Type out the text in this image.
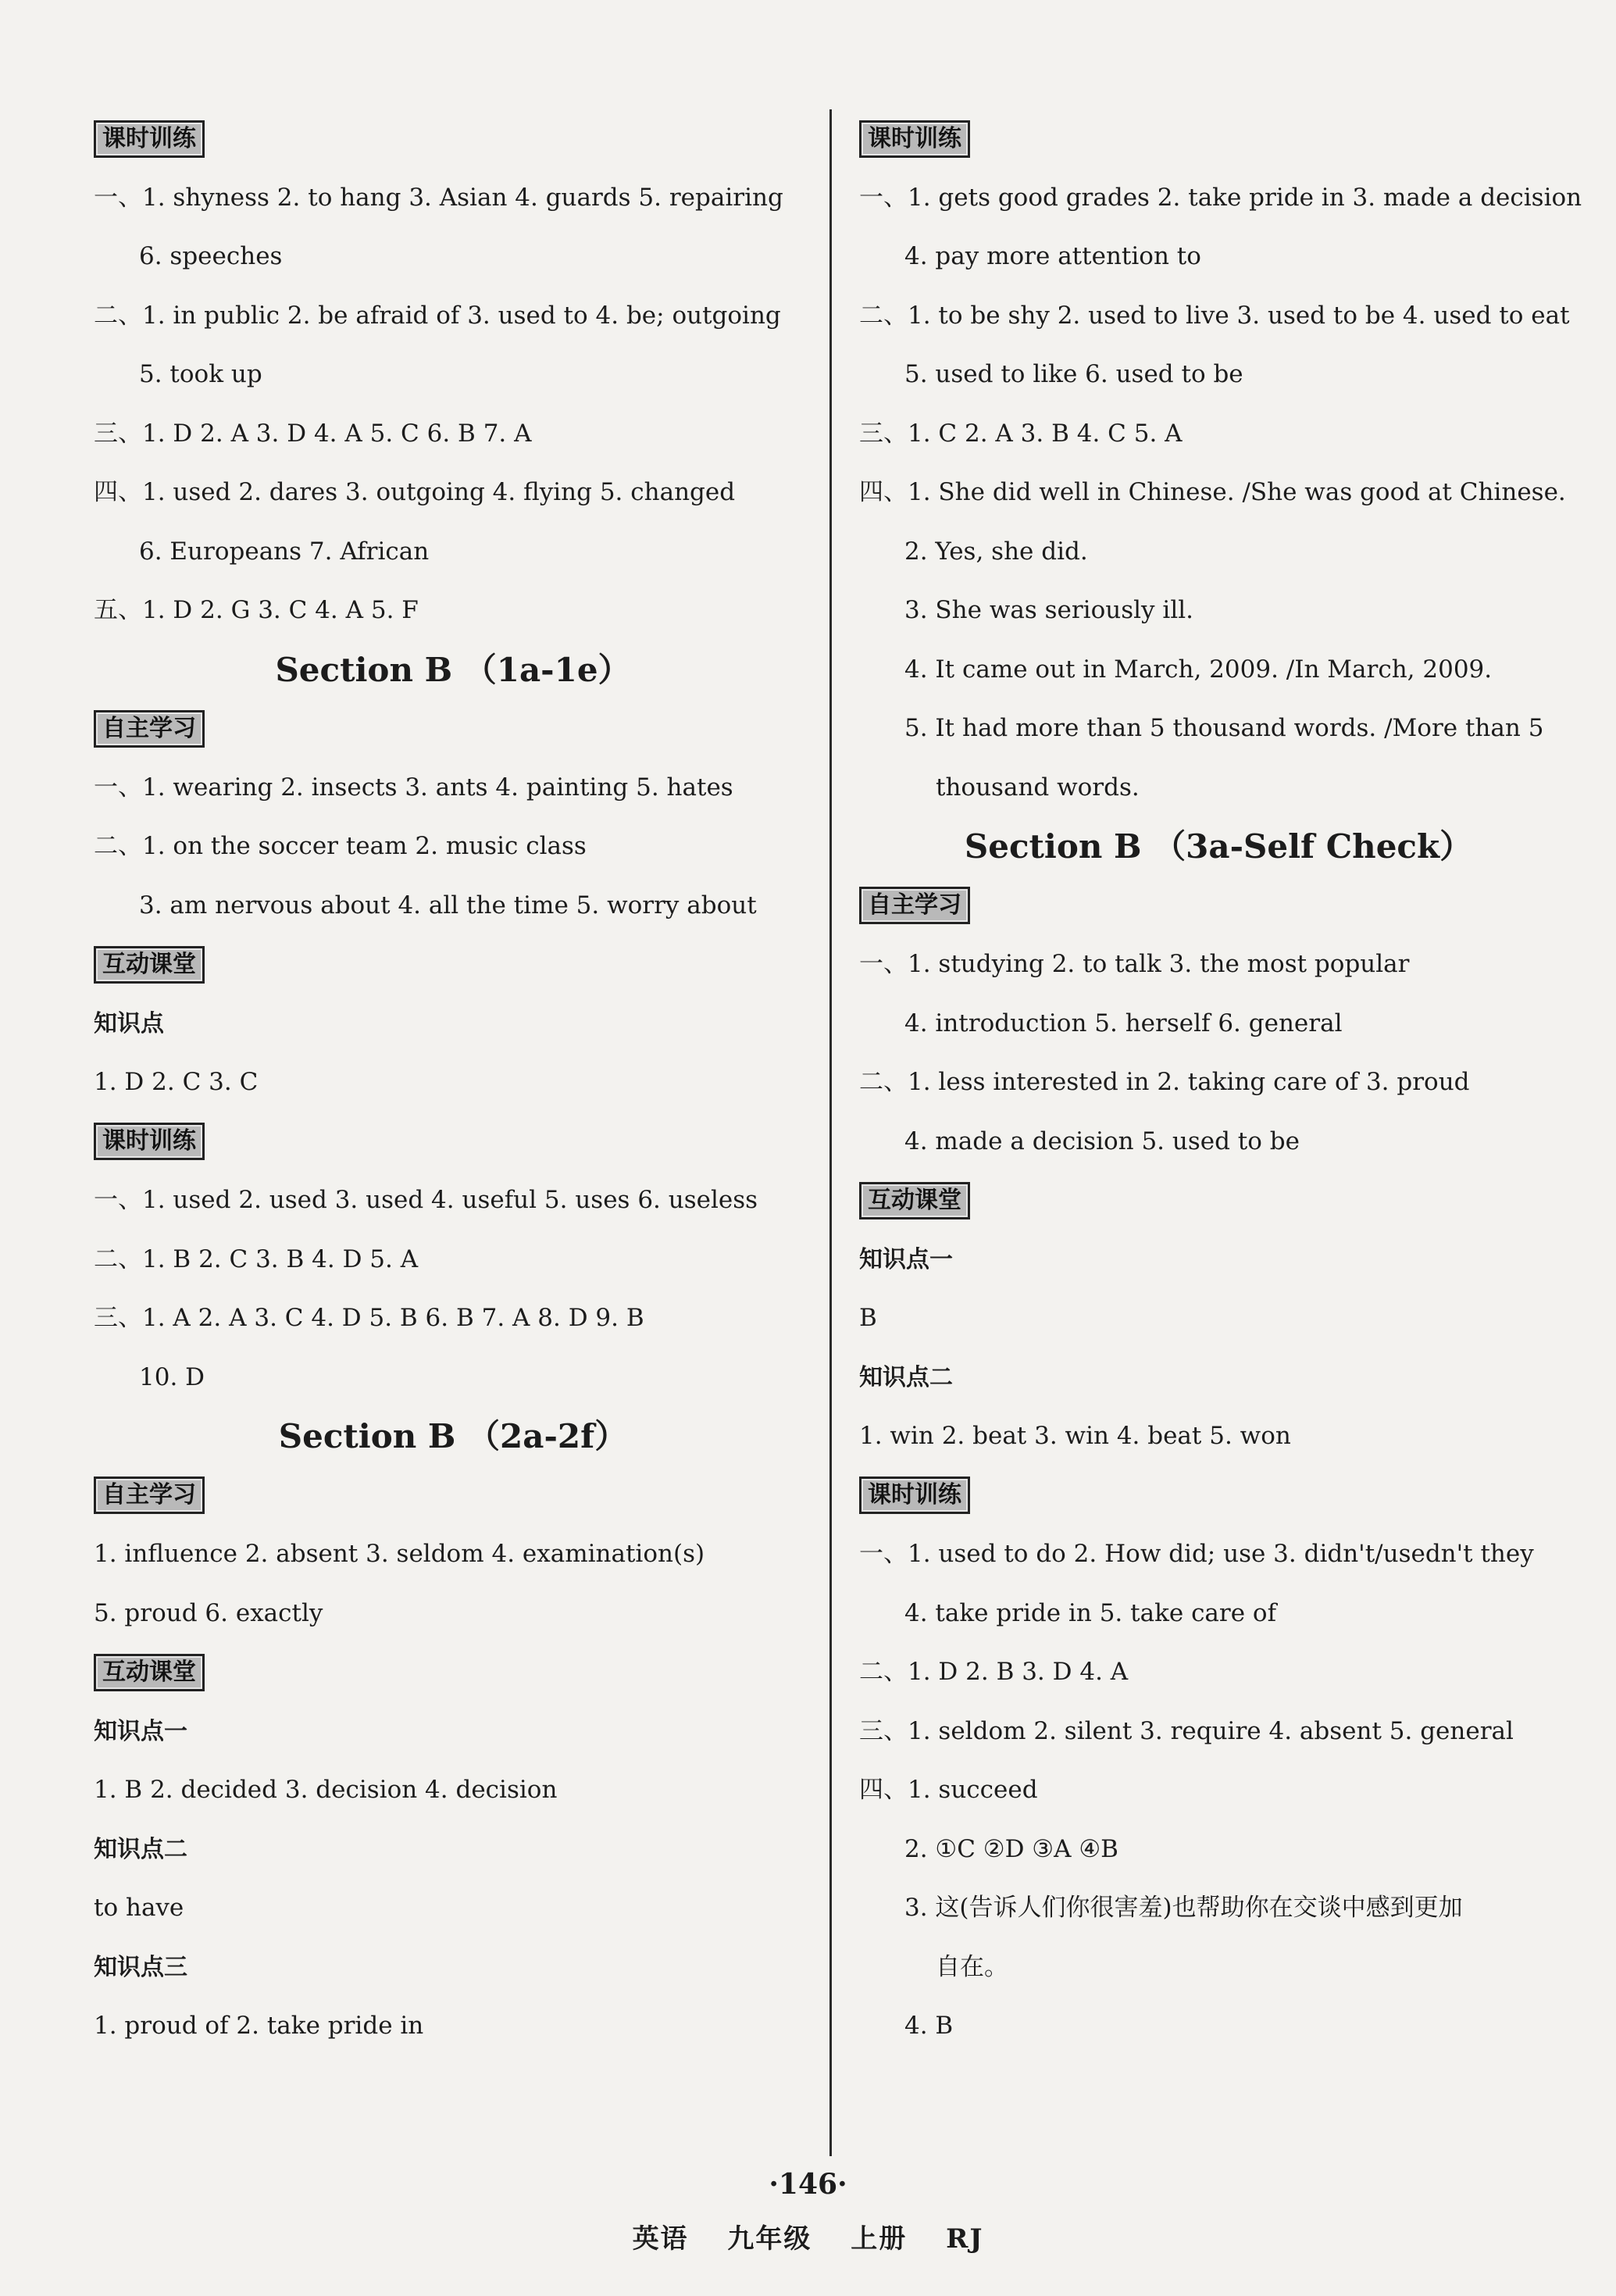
课时训练
一、1. shyness 2. to hang 3. Asian 4. guards 5. repairing
6. speeches
二、1. in public 2. be afraid of 3. used to 4. be; outgoing
5. took up
三、1. D 2. A 3. D 4. A 5. C 6. B 7. A
四、1. used 2. dares 3. outgoing 4. flying 5. changed
6. Europeans 7. African
五、1. D 2. G 3. C 4. A 5. F
Section B （1a-1e）
自主学习
一、1. wearing 2. insects 3. ants 4. painting 5. hates
二、1. on the soccer team 2. music class
3. am nervous about 4. all the time 5. worry about
互动课堂
知识点
1. D 2. C 3. C
课时训练
一、1. used 2. used 3. used 4. useful 5. uses 6. useless
二、1. B 2. C 3. B 4. D 5. A
三、1. A 2. A 3. C 4. D 5. B 6. B 7. A 8. D 9. B
10. D
Section B （2a-2f）
自主学习
1. influence 2. absent 3. seldom 4. examination(s)
5. proud 6. exactly
互动课堂
知识点一
1. B 2. decided 3. decision 4. decision
知识点二
to have
知识点三
1. proud of 2. take pride in
课时训练
一、1. gets good grades 2. take pride in 3. made a decision
4. pay more attention to
二、1. to be shy 2. used to live 3. used to be 4. used to eat
5. used to like 6. used to be
三、1. C 2. A 3. B 4. C 5. A
四、1. She did well in Chinese. /She was good at Chinese.
2. Yes, she did.
3. She was seriously ill.
4. It came out in March, 2009. /In March, 2009.
5. It had more than 5 thousand words. /More than 5
thousand words.
Section B （3a-Self Check）
自主学习
一、1. studying 2. to talk 3. the most popular
4. introduction 5. herself 6. general
二、1. less interested in 2. taking care of 3. proud
4. made a decision 5. used to be
互动课堂
知识点一
B
知识点二
1. win 2. beat 3. win 4. beat 5. won
课时训练
一、1. used to do 2. How did; use 3. didn't/usedn't they
4. take pride in 5. take care of
二、1. D 2. B 3. D 4. A
三、1. seldom 2. silent 3. require 4. absent 5. general
四、1. succeed
2. ①C ②D ③A ④B
3. 这(告诉人们你很害羞)也帮助你在交谈中感到更加
自在。
4. B
·146·
英语 九年级 上册 RJ
